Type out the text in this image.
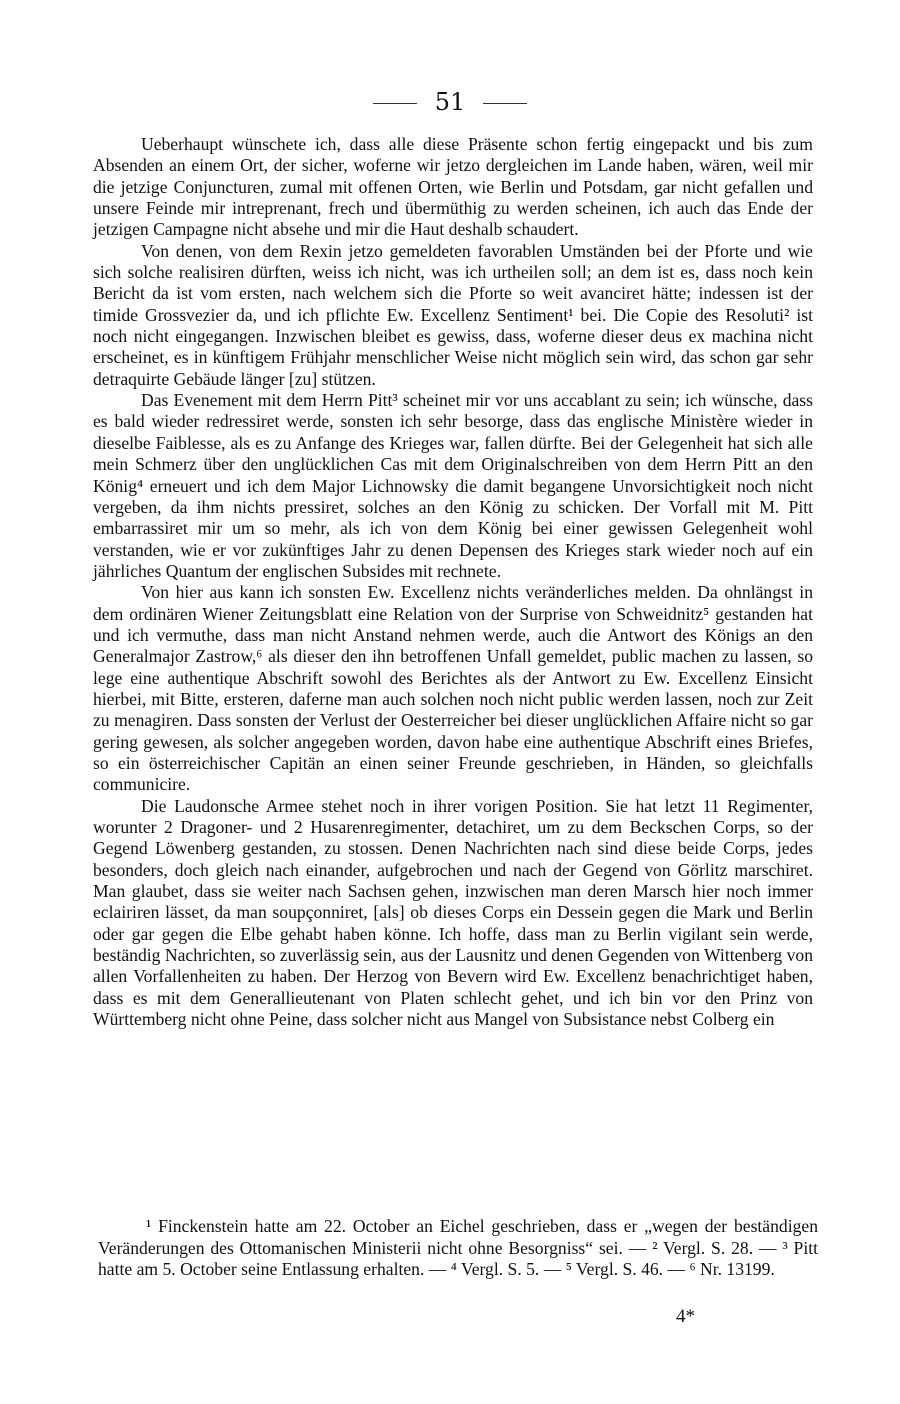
51

Ueberhaupt wünschete ich, dass alle diese Präsente schon fertig eingepackt und bis zum Absenden an einem Ort, der sicher, woferne wir jetzo dergleichen im Lande haben, wären, weil mir die jetzige Conjuncturen, zumal mit offenen Orten, wie Berlin und Potsdam, gar nicht gefallen und unsere Feinde mir intreprenant, frech und übermüthig zu werden scheinen, ich auch das Ende der jetzigen Campagne nicht absehe und mir die Haut deshalb schaudert.

Von denen, von dem Rexin jetzo gemeldeten favorablen Umständen bei der Pforte und wie sich solche realisiren dürften, weiss ich nicht, was ich urtheilen soll; an dem ist es, dass noch kein Bericht da ist vom ersten, nach welchem sich die Pforte so weit avanciret hätte; indessen ist der timide Grossvezier da, und ich pflichte Ew. Excellenz Sentiment¹ bei. Die Copie des Resoluti² ist noch nicht eingegangen. Inzwischen bleibet es gewiss, dass, woferne dieser deus ex machina nicht erscheinet, es in künftigem Frühjahr menschlicher Weise nicht möglich sein wird, das schon gar sehr detraquirte Gebäude länger [zu] stützen.

Das Evenement mit dem Herrn Pitt³ scheinet mir vor uns accablant zu sein; ich wünsche, dass es bald wieder redressiret werde, sonsten ich sehr besorge, dass das englische Ministère wieder in dieselbe Faiblesse, als es zu Anfange des Krieges war, fallen dürfte. Bei der Gelegenheit hat sich alle mein Schmerz über den unglücklichen Cas mit dem Originalschreiben von dem Herrn Pitt an den König⁴ erneuert und ich dem Major Lichnowsky die damit begangene Unvorsichtigkeit noch nicht vergeben, da ihm nichts pressiret, solches an den König zu schicken. Der Vorfall mit M. Pitt embarrassiret mir um so mehr, als ich von dem König bei einer gewissen Gelegenheit wohl verstanden, wie er vor zukünftiges Jahr zu denen Depensen des Krieges stark wieder noch auf ein jährliches Quantum der englischen Subsides mit rechnete.

Von hier aus kann ich sonsten Ew. Excellenz nichts veränderliches melden. Da ohnlängst in dem ordinären Wiener Zeitungsblatt eine Relation von der Surprise von Schweidnitz⁵ gestanden hat und ich vermuthe, dass man nicht Anstand nehmen werde, auch die Antwort des Königs an den Generalmajor Zastrow,⁶ als dieser den ihn betroffenen Unfall gemeldet, public machen zu lassen, so lege eine authentique Abschrift sowohl des Berichtes als der Antwort zu Ew. Excellenz Einsicht hierbei, mit Bitte, ersteren, daferne man auch solchen noch nicht public werden lassen, noch zur Zeit zu menagiren. Dass sonsten der Verlust der Oesterreicher bei dieser unglücklichen Affaire nicht so gar gering gewesen, als solcher angegeben worden, davon habe eine authentique Abschrift eines Briefes, so ein österreichischer Capitän an einen seiner Freunde geschrieben, in Händen, so gleichfalls communicire.

Die Laudonsche Armee stehet noch in ihrer vorigen Position. Sie hat letzt 11 Regimenter, worunter 2 Dragoner- und 2 Husarenregimenter, detachiret, um zu dem Beckschen Corps, so der Gegend Löwenberg gestanden, zu stossen. Denen Nachrichten nach sind diese beide Corps, jedes besonders, doch gleich nach einander, aufgebrochen und nach der Gegend von Görlitz marschiret. Man glaubet, dass sie weiter nach Sachsen gehen, inzwischen man deren Marsch hier noch immer eclairiren lässet, da man soupçonniret, [als] ob dieses Corps ein Dessein gegen die Mark und Berlin oder gar gegen die Elbe gehabt haben könne. Ich hoffe, dass man zu Berlin vigilant sein werde, beständig Nachrichten, so zuverlässig sein, aus der Lausnitz und denen Gegenden von Wittenberg von allen Vorfallenheiten zu haben. Der Herzog von Bevern wird Ew. Excellenz benachrichtiget haben, dass es mit dem Generallieutenant von Platen schlecht gehet, und ich bin vor den Prinz von Württemberg nicht ohne Peine, dass solcher nicht aus Mangel von Subsistance nebst Colberg ein

¹ Finckenstein hatte am 22. October an Eichel geschrieben, dass er „wegen der beständigen Veränderungen des Ottomanischen Ministerii nicht ohne Besorgniss“ sei. — ² Vergl. S. 28. — ³ Pitt hatte am 5. October seine Entlassung erhalten. — ⁴ Vergl. S. 5. — ⁵ Vergl. S. 46. — ⁶ Nr. 13199.

4*
